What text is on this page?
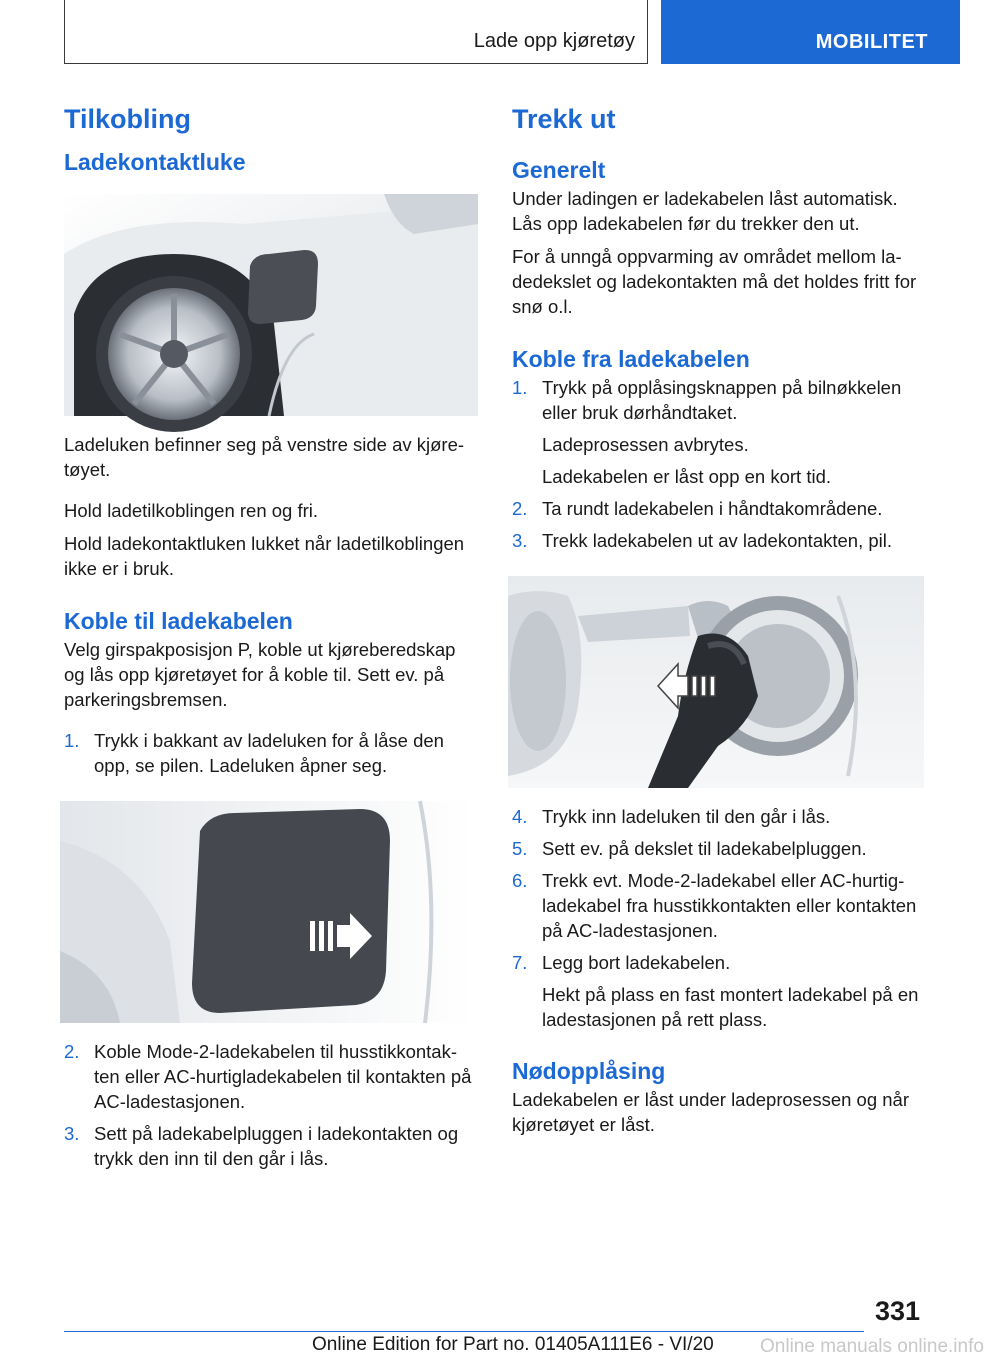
Lade opp kjøretøy	MOBILITET
Tilkobling
Ladekontaktluke

Ladeluken befinner seg på venstre side av kjøre-tøyet.

Hold ladetilkoblingen ren og fri.

Hold ladekontaktluken lukket når ladetilkoblingen ikke er i bruk.

Koble til ladekabelen

Velg girspakposisjon P, koble ut kjøreberedskap og lås opp kjøretøyet for å koble til. Sett ev. på parkeringsbremsen.

1. Trykk i bakkant av ladeluken for å låse den opp, se pilen. Ladeluken åpner seg.
2. Koble Mode-2-ladekabelen til husstikkontak-ten eller AC-hurtigladekabelen til kontakten på AC-ladestasjonen.
3. Sett på ladekabelpluggen i ladekontakten og trykk den inn til den går i lås.
Trekk ut
Generelt

Under ladingen er ladekabelen låst automatisk. Lås opp ladekabelen før du trekker den ut.

For å unngå oppvarming av området mellom la-dedekslet og ladekontakten må det holdes fritt for snø o.l.

Koble fra ladekabelen
1. Trykk på opplåsingsknappen på bilnøkkelen eller bruk dørhåndtaket.
Ladeprosessen avbrytes.
Ladekabelen er låst opp en kort tid.
2. Ta rundt ladekabelen i håndtakområdene.
3. Trekk ladekabelen ut av ladekontakten, pil.
4. Trykk inn ladeluken til den går i lås.
5. Sett ev. på dekslet til ladekabelpluggen.
6. Trekk evt. Mode-2-ladekabel eller AC-hurtig-ladekabel fra husstikkontakten eller kontakten på AC-ladestasjonen.
7. Legg bort ladekabelen.
Hekt på plass en fast montert ladekabel på en ladestasjonen på rett plass.
Nødopplåsing

Ladekabelen er låst under ladeprosessen og når kjøretøyet er låst.

331
Online Edition for Part no. 01405A111E6 - VI/20 Online manuals online.info
